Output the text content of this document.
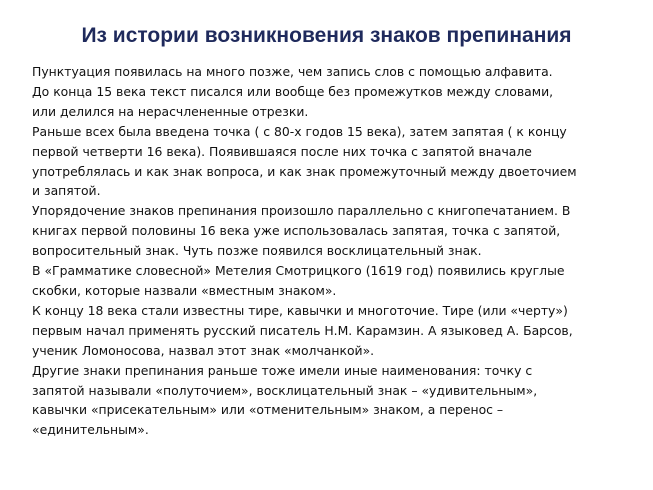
Из истории возникновения знаков препинания
Пунктуация появилась на много позже, чем запись слов с помощью алфавита.
До конца 15 века текст писался или вообще без промежутков между словами,
или делился на нерасчлененные отрезки.
Раньше всех была введена точка ( с 80-х годов 15 века), затем запятая ( к концу
первой четверти 16 века). Появившаяся после них точка с запятой вначале
употреблялась и как знак вопроса, и как знак промежуточный между двоеточием
и запятой.
Упорядочение знаков препинания произошло параллельно с книгопечатанием. В
книгах первой половины 16 века уже использовалась запятая, точка с запятой,
вопросительный знак. Чуть позже появился восклицательный знак.
В «Грамматике словесной» Метелия Смотрицкого (1619 год) появились круглые
скобки, которые назвали «вместным знаком».
К концу 18 века стали известны тире, кавычки и многоточие. Тире (или «черту»)
первым начал применять русский писатель Н.М. Карамзин. А языковед А. Барсов,
ученик Ломоносова, назвал этот знак «молчанкой».
Другие знаки препинания раньше тоже имели иные наименования: точку с
запятой называли «полуточием», восклицательный знак – «удивительным»,
кавычки «присекательным» или «отменительным» знаком, а перенос –
«единительным».
